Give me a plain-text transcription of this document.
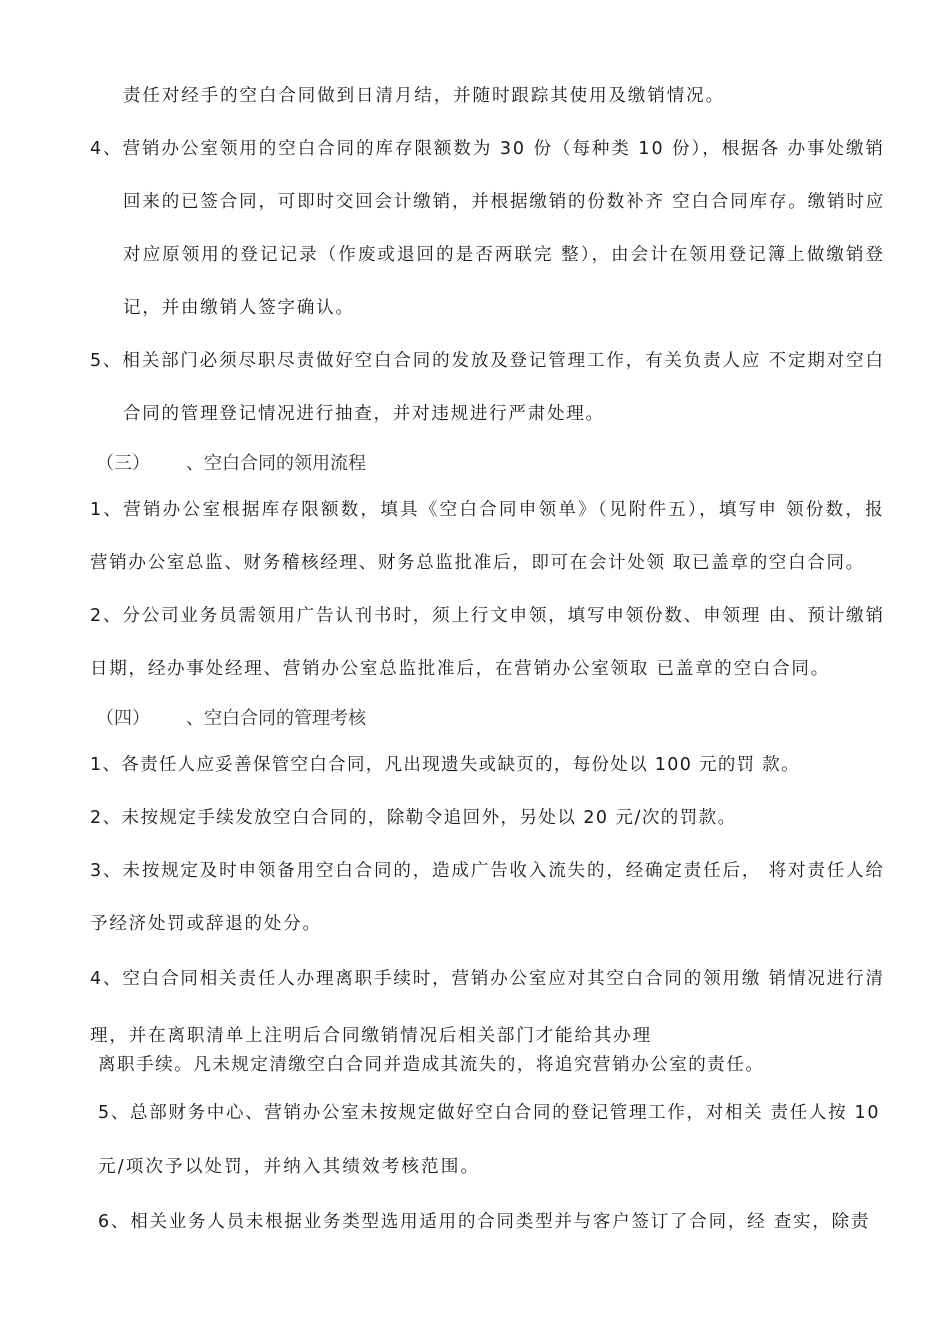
责任对经手的空白合同做到日清月结，并随时跟踪其使用及缴销情况。
4、营销办公室领用的空白合同的库存限额数为 30 份（每种类 10 份），根据各 办事处缴销
回来的已签合同，可即时交回会计缴销，并根据缴销的份数补齐 空白合同库存。缴销时应
对应原领用的登记记录（作废或退回的是否两联完 整），由会计在领用登记簿上做缴销登
记，并由缴销人签字确认。
5、相关部门必须尽职尽责做好空白合同的发放及登记管理工作，有关负责人应 不定期对空白
合同的管理登记情况进行抽查，并对违规进行严肃处理。
（三） 、空白合同的领用流程
1、营销办公室根据库存限额数，填具《空白合同申领单》（见附件五），填写申 领份数，报
营销办公室总监、财务稽核经理、财务总监批准后，即可在会计处领 取已盖章的空白合同。
2、分公司业务员需领用广告认刊书时，须上行文申领，填写申领份数、申领理 由、预计缴销
日期，经办事处经理、营销办公室总监批准后，在营销办公室领取 已盖章的空白合同。
（四） 、空白合同的管理考核
1、各责任人应妥善保管空白合同，凡出现遗失或缺页的，每份处以 100 元的罚 款。
2、未按规定手续发放空白合同的，除勒令追回外，另处以 20 元/次的罚款。
3、未按规定及时申领备用空白合同的，造成广告收入流失的，经确定责任后， 将对责任人给
予经济处罚或辞退的处分。
4、空白合同相关责任人办理离职手续时，营销办公室应对其空白合同的领用缴 销情况进行清
理，并在离职清单上注明后合同缴销情况后相关部门才能给其办理
离职手续。凡未规定清缴空白合同并造成其流失的，将追究营销办公室的责任。
5、总部财务中心、营销办公室未按规定做好空白合同的登记管理工作，对相关 责任人按 10
元/项次予以处罚，并纳入其绩效考核范围。
6、相关业务人员未根据业务类型选用适用的合同类型并与客户签订了合同，经 查实，除责
